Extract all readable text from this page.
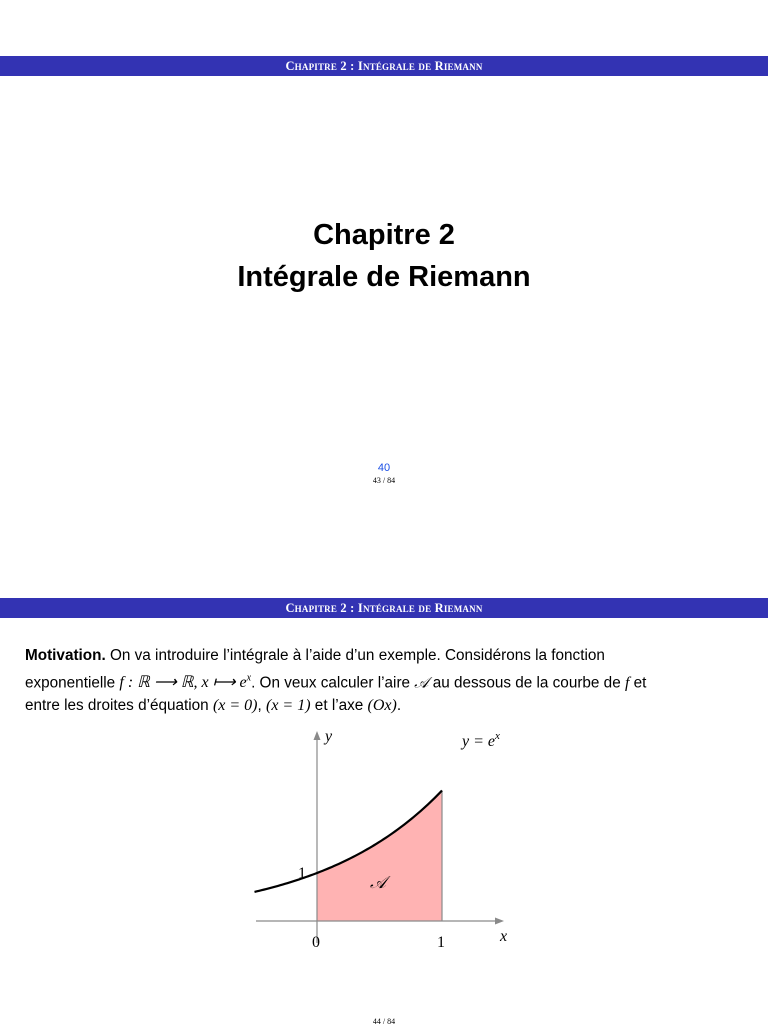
Chapitre 2 : Intégrale de Riemann
Chapitre 2
Intégrale de Riemann
40
43 / 84
Chapitre 2 : Intégrale de Riemann
Motivation. On va introduire l’intégrale à l’aide d’un exemple. Considérons la fonction
exponentielle f : ℝ ⟶ ℝ, x ⟼ $e^x$. On veux calculer l’aire 𝒜 au dessous de la courbe de f et
entre les droites d’équation (x = 0), (x = 1) et l’axe (Ox).
y
x
$y = e^x$
𝒜
1
0	1
44 / 84
